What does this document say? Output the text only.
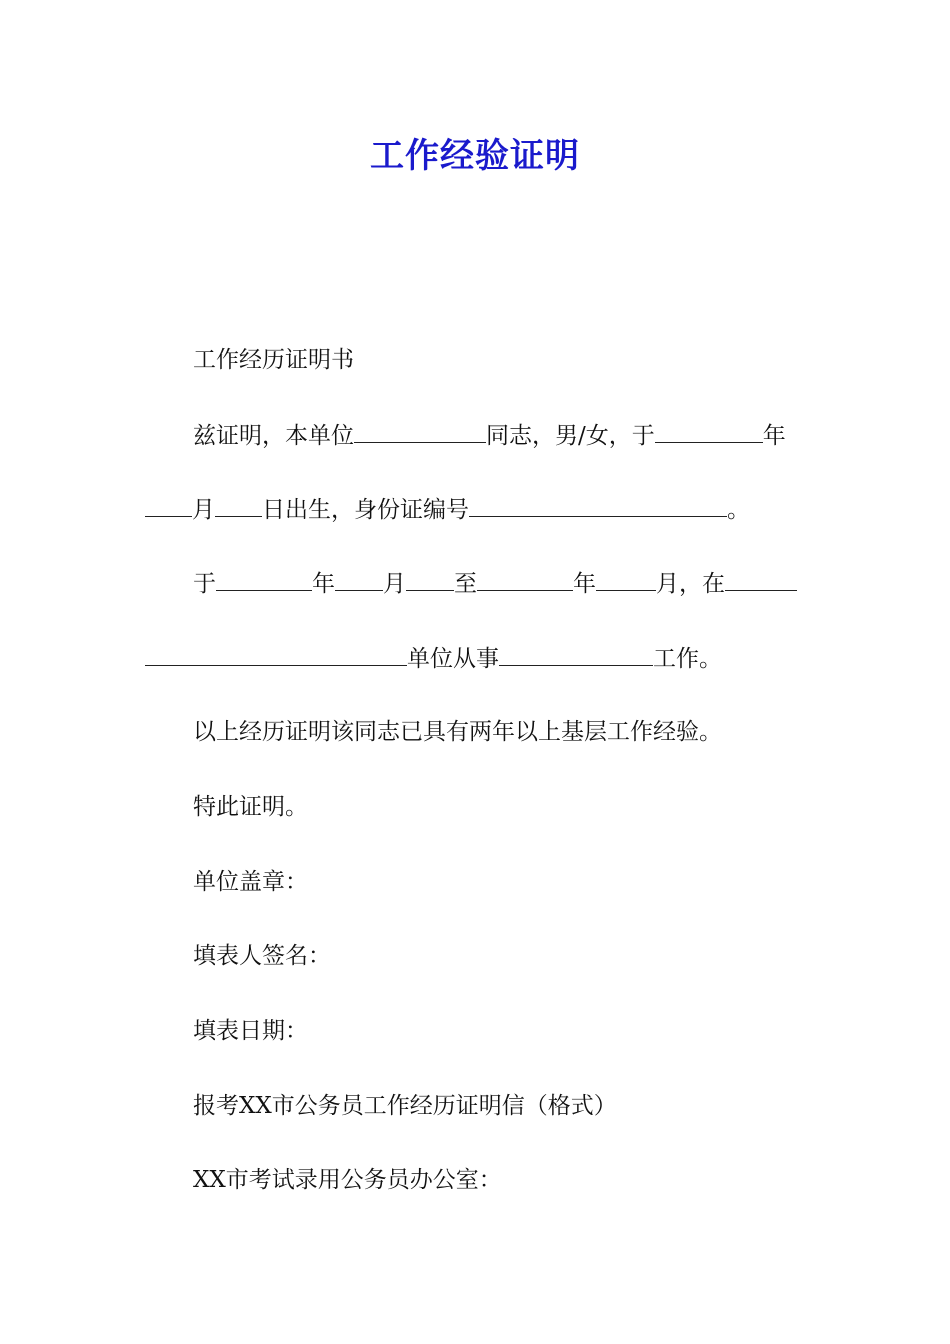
工作经验证明

工作经历证明书

兹证明，本单位	同志，男/女，于	年

月 日出生，身份证编号	。

于	年 月 至	年	月，在

单位从事	工作。

以上经历证明该同志已具有两年以上基层工作经验。

特此证明。

单位盖章：

填表人签名：

填表日期：

报考XX市公务员工作经历证明信（格式）

XX市考试录用公务员办公室：
